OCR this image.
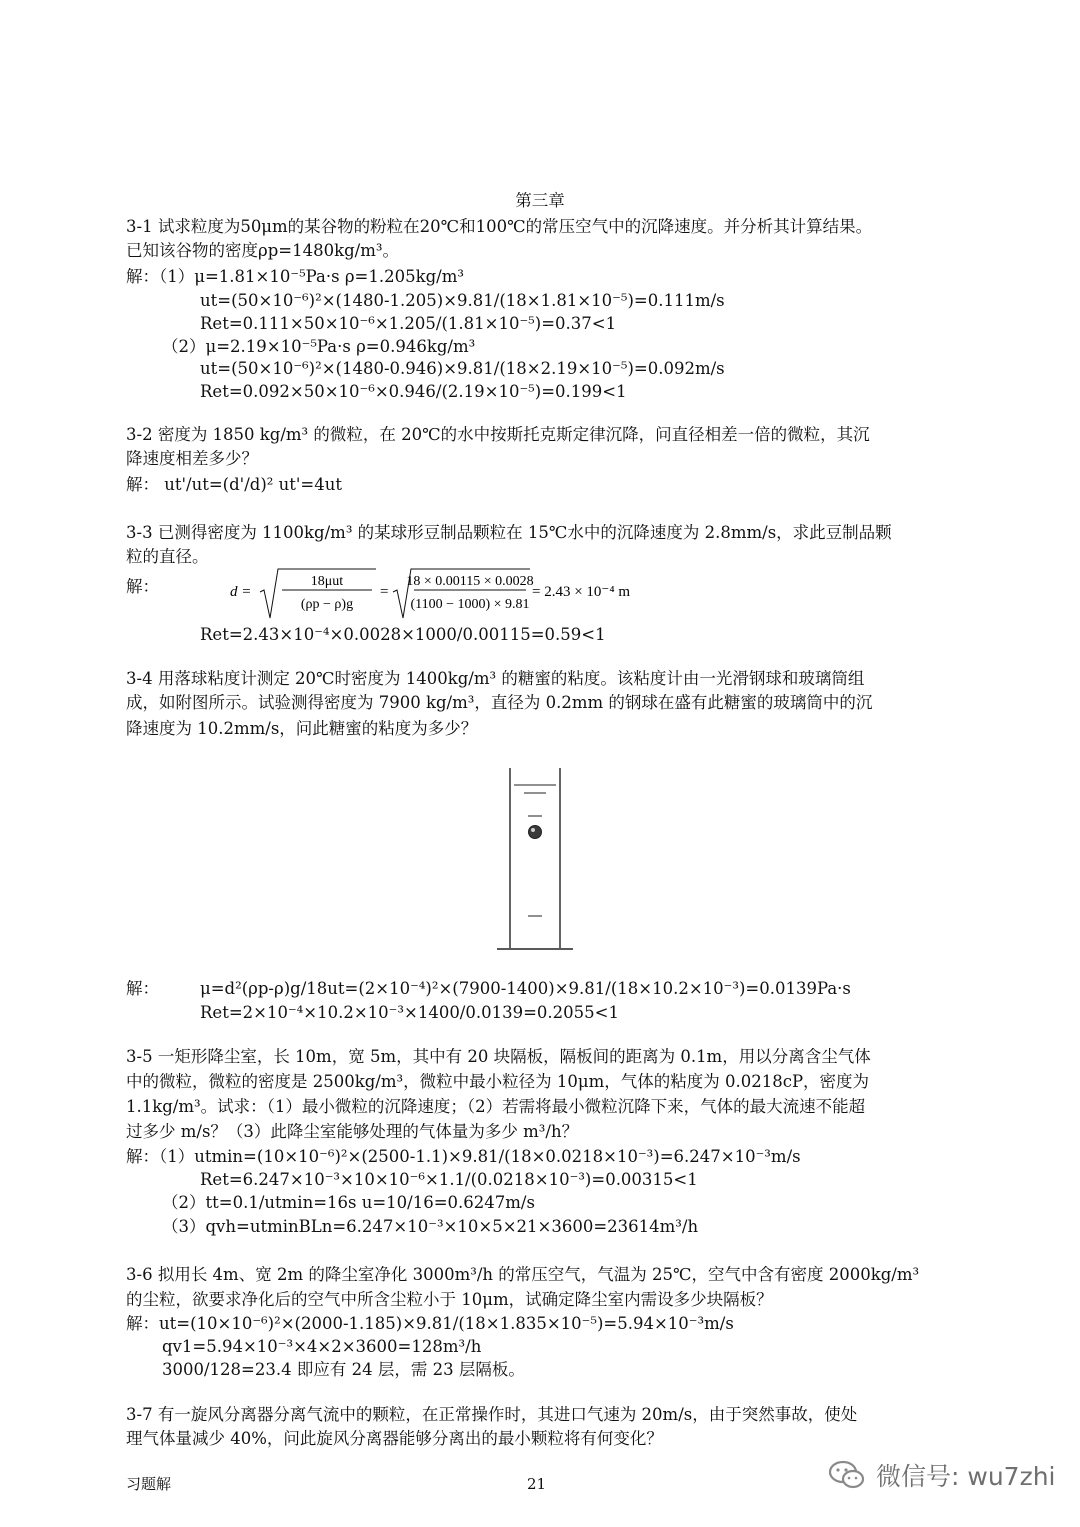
第三章
3-1 试求粒度为50μm的某谷物的粉粒在20℃和100℃的常压空气中的沉降速度。并分析其计算结果。
已知该谷物的密度ρp=1480kg/m³。
解：（1）μ=1.81×10⁻⁵Pa·s ρ=1.205kg/m³
ut=(50×10⁻⁶)²×(1480-1.205)×9.81/(18×1.81×10⁻⁵)=0.111m/s
Ret=0.111×50×10⁻⁶×1.205/(1.81×10⁻⁵)=0.37<1
（2）μ=2.19×10⁻⁵Pa·s ρ=0.946kg/m³
ut=(50×10⁻⁶)²×(1480-0.946)×9.81/(18×2.19×10⁻⁵)=0.092m/s
Ret=0.092×50×10⁻⁶×0.946/(2.19×10⁻⁵)=0.199<1
3-2 密度为 1850 kg/m³ 的微粒，在 20℃的水中按斯托克斯定律沉降，问直径相差一倍的微粒，其沉
降速度相差多少？
解： ut'/ut=(d'/d)² ut'=4ut
3-3 已测得密度为 1100kg/m³ 的某球形豆制品颗粒在 15℃水中的沉降速度为 2.8mm/s，求此豆制品颗
粒的直径。
解：	d =
18μut
(ρp − ρ)g
=
18 × 0.00115 × 0.0028
(1100 − 1000) × 9.81
= 2.43 × 10⁻⁴ m
Ret=2.43×10⁻⁴×0.0028×1000/0.00115=0.59<1
3-4 用落球粘度计测定 20℃时密度为 1400kg/m³ 的糖蜜的粘度。该粘度计由一光滑钢球和玻璃筒组
成，如附图所示。试验测得密度为 7900 kg/m³，直径为 0.2mm 的钢球在盛有此糖蜜的玻璃筒中的沉
降速度为 10.2mm/s，问此糖蜜的粘度为多少？
解： μ=d²(ρp-ρ)g/18ut=(2×10⁻⁴)²×(7900-1400)×9.81/(18×10.2×10⁻³)=0.0139Pa·s
Ret=2×10⁻⁴×10.2×10⁻³×1400/0.0139=0.2055<1
3-5 一矩形降尘室，长 10m，宽 5m，其中有 20 块隔板，隔板间的距离为 0.1m，用以分离含尘气体
中的微粒，微粒的密度是 2500kg/m³，微粒中最小粒径为 10μm，气体的粘度为 0.0218cP，密度为
1.1kg/m³。试求：（1）最小微粒的沉降速度；（2）若需将最小微粒沉降下来，气体的最大流速不能超
过多少 m/s？（3）此降尘室能够处理的气体量为多少 m³/h？
解：（1）utmin=(10×10⁻⁶)²×(2500-1.1)×9.81/(18×0.0218×10⁻³)=6.247×10⁻³m/s
Ret=6.247×10⁻³×10×10⁻⁶×1.1/(0.0218×10⁻³)=0.00315<1
（2）tt=0.1/utmin=16s u=10/16=0.6247m/s
（3）qvh=utminBLn=6.247×10⁻³×10×5×21×3600=23614m³/h
3-6 拟用长 4m、宽 2m 的降尘室净化 3000m³/h 的常压空气，气温为 25℃，空气中含有密度 2000kg/m³
的尘粒，欲要求净化后的空气中所含尘粒小于 10μm，试确定降尘室内需设多少块隔板？
解：ut=(10×10⁻⁶)²×(2000-1.185)×9.81/(18×1.835×10⁻⁵)=5.94×10⁻³m/s
qv1=5.94×10⁻³×4×2×3600=128m³/h
3000/128=23.4 即应有 24 层，需 23 层隔板。
3-7 有一旋风分离器分离气流中的颗粒，在正常操作时，其进口气速为 20m/s，由于突然事故，使处
理气体量减少 40%，问此旋风分离器能够分离出的最小颗粒将有何变化？
习题解	21	微信号: wu7zhi
